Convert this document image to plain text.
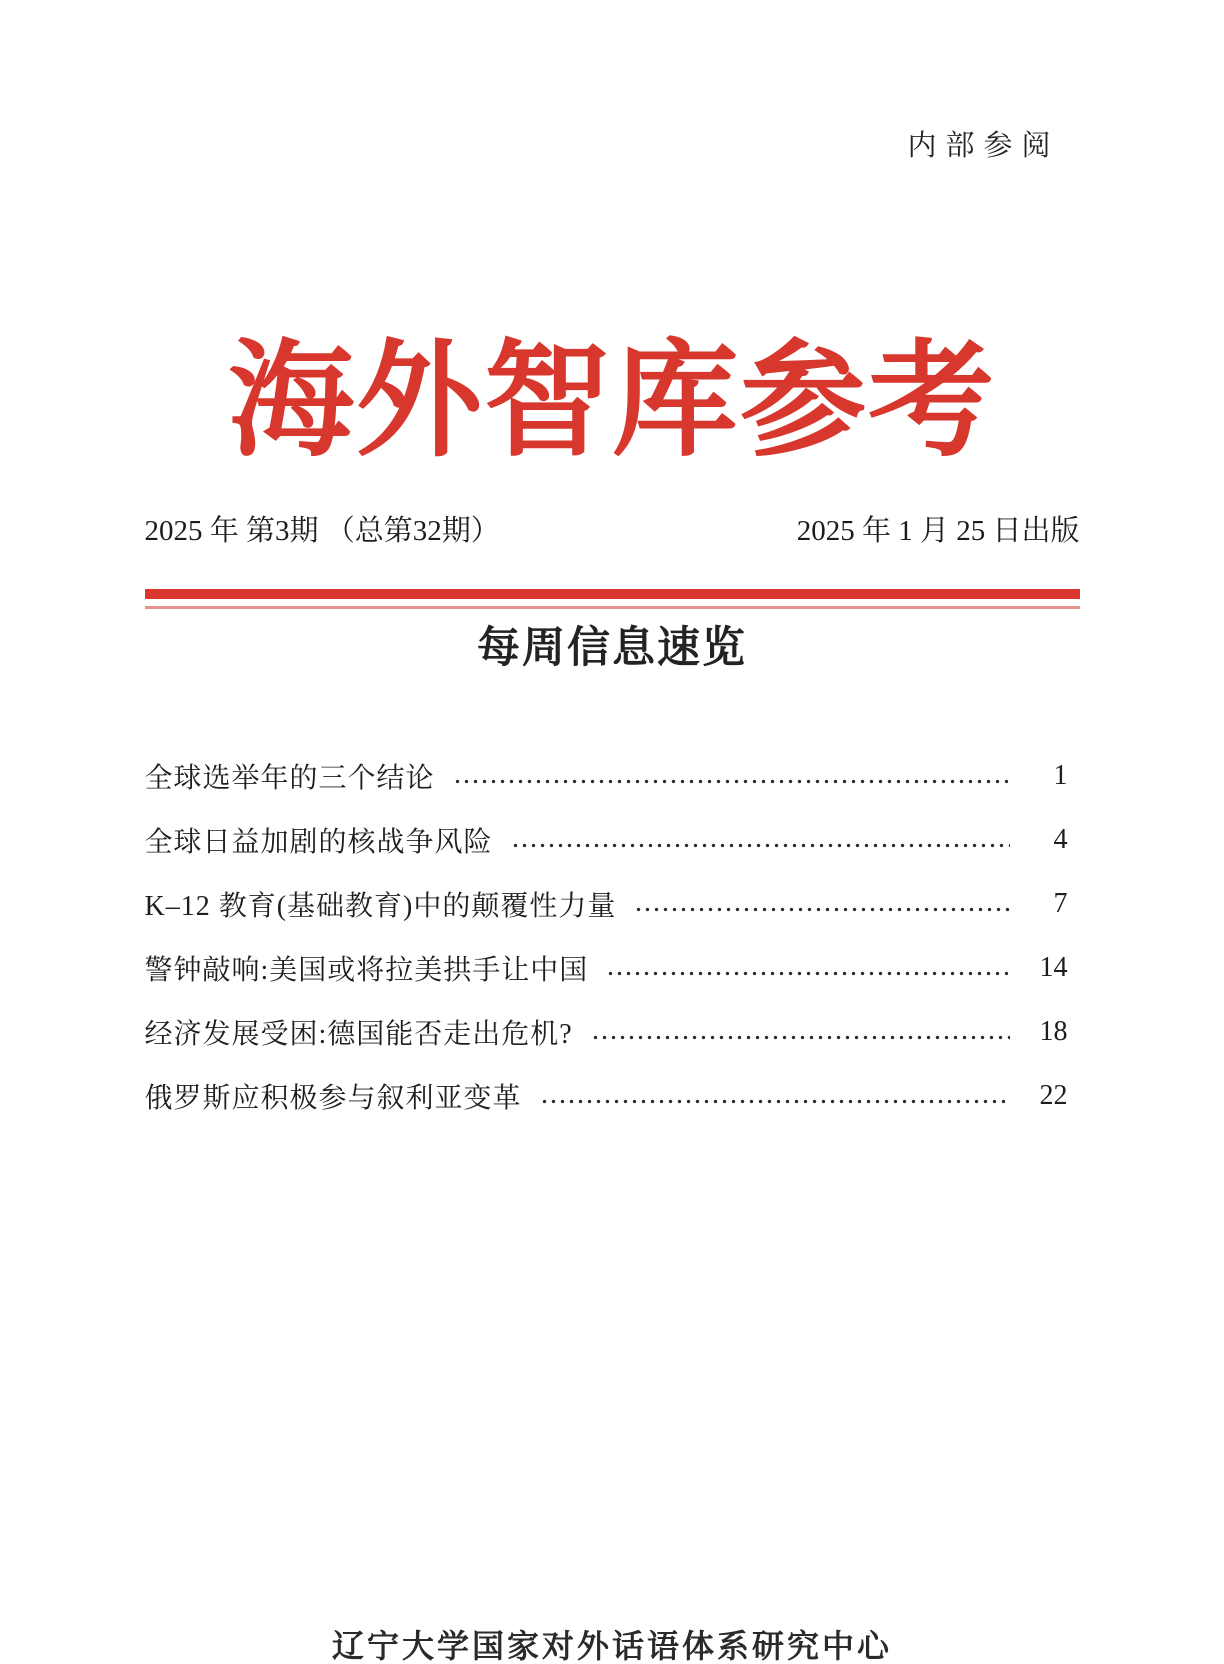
内部参阅
海外智库参考
2025 年 第3期 （总第32期）	2025 年 1 月 25 日出版
每周信息速览
全球选举年的三个结论	1
全球日益加剧的核战争风险	4
K–12 教育(基础教育)中的颠覆性力量	7
警钟敲响:美国或将拉美拱手让中国	14
经济发展受困:德国能否走出危机?	18
俄罗斯应积极参与叙利亚变革	22
辽宁大学国家对外话语体系研究中心
